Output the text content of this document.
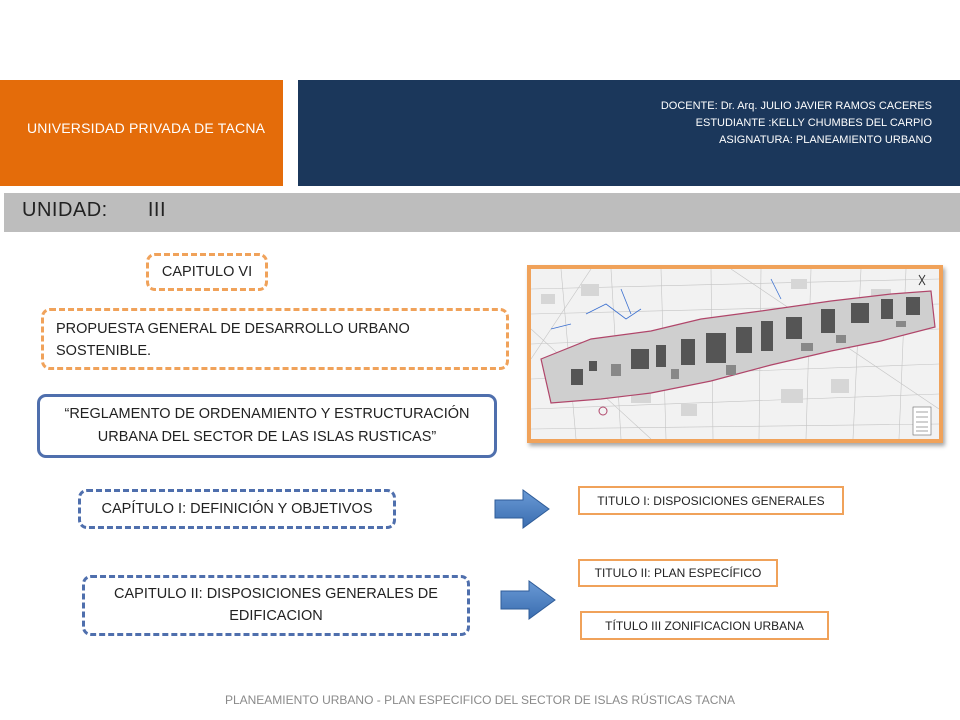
UNIVERSIDAD PRIVADA DE TACNA
DOCENTE: Dr. Arq. JULIO JAVIER RAMOS CACERES
ESTUDIANTE :KELLY CHUMBES DEL CARPIO
ASIGNATURA: PLANEAMIENTO URBANO
UNIDAD: III
CAPITULO VI
PROPUESTA GENERAL DE DESARROLLO URBANO SOSTENIBLE.
“REGLAMENTO DE ORDENAMIENTO Y ESTRUCTURACIÓN URBANA DEL SECTOR DE LAS ISLAS RUSTICAS”
CAPÍTULO I: DEFINICIÓN Y OBJETIVOS
CAPITULO II: DISPOSICIONES GENERALES DE EDIFICACION
TITULO I: DISPOSICIONES GENERALES
TITULO II: PLAN ESPECÍFICO
TÍTULO III ZONIFICACION URBANA
PLANEAMIENTO URBANO - PLAN ESPECIFICO DEL SECTOR DE ISLAS RÚSTICAS TACNA
